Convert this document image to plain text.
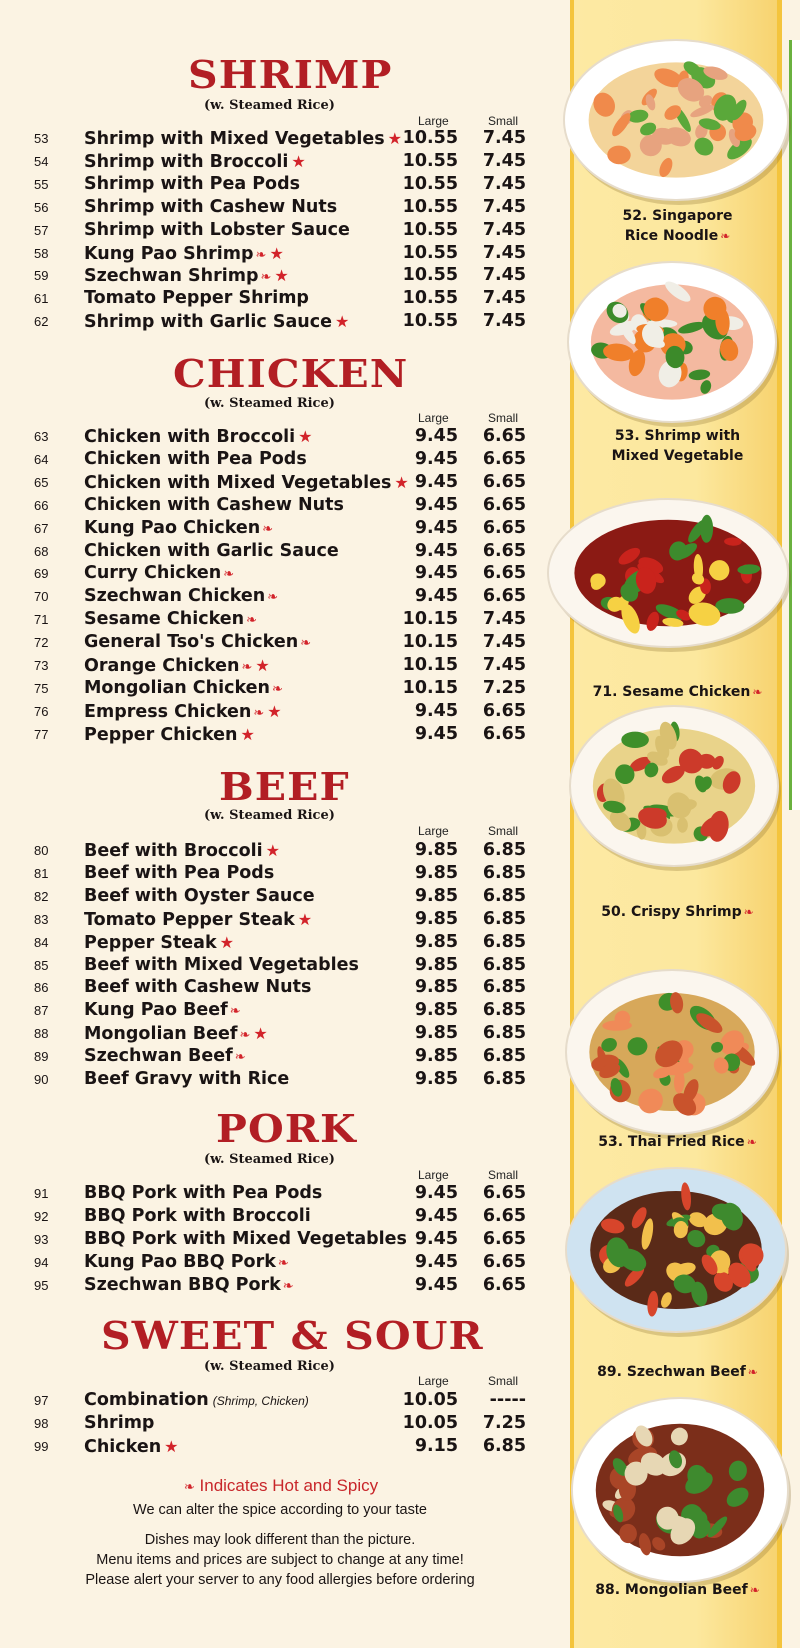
SHRIMP
(w. Steamed Rice)
Large	Small
53 Shrimp with Mixed Vegetables ★ 10.55 7.45
54 Shrimp with Broccoli ★	10.55 7.45
55 Shrimp with Pea Pods	10.55 7.45
56 Shrimp with Cashew Nuts	10.55 7.45
57 Shrimp with Lobster Sauce	10.55 7.45
58 Kung Pao Shrimp ❧ ★	10.55 7.45
59 Szechwan Shrimp ❧ ★	10.55 7.45
61 Tomato Pepper Shrimp	10.55 7.45
62 Shrimp with Garlic Sauce ★	10.55 7.45
CHICKEN
(w. Steamed Rice)
Large	Small
63 Chicken with Broccoli ★	9.45 6.65
64 Chicken with Pea Pods	9.45 6.65
65 Chicken with Mixed Vegetables ★ 9.45 6.65
66 Chicken with Cashew Nuts	9.45 6.65
67 Kung Pao Chicken ❧	9.45 6.65
68 Chicken with Garlic Sauce	9.45 6.65
69 Curry Chicken ❧	9.45 6.65
70 Szechwan Chicken ❧	9.45 6.65
71 Sesame Chicken ❧	10.15 7.45
72 General Tso's Chicken ❧	10.15 7.45
73 Orange Chicken ❧ ★	10.15 7.45
75 Mongolian Chicken ❧	10.15 7.25
76 Empress Chicken ❧ ★	9.45 6.65
77 Pepper Chicken ★	9.45 6.65
BEEF
(w. Steamed Rice)
Large	Small
80 Beef with Broccoli ★	9.85 6.85
81 Beef with Pea Pods	9.85 6.85
82 Beef with Oyster Sauce	9.85 6.85
83 Tomato Pepper Steak ★	9.85 6.85
84 Pepper Steak ★	9.85 6.85
85 Beef with Mixed Vegetables	9.85 6.85
86 Beef with Cashew Nuts	9.85 6.85
87 Kung Pao Beef ❧	9.85 6.85
88 Mongolian Beef ❧ ★	9.85 6.85
89 Szechwan Beef ❧	9.85 6.85
90 Beef Gravy with Rice	9.85 6.85
PORK
(w. Steamed Rice)
Large	Small
91 BBQ Pork with Pea Pods	9.45 6.65
92 BBQ Pork with Broccoli	9.45 6.65
93 BBQ Pork with Mixed Vegetables 9.45 6.65
94 Kung Pao BBQ Pork ❧	9.45 6.65
95 Szechwan BBQ Pork ❧	9.45 6.65
SWEET & SOUR
(w. Steamed Rice)
Large	Small
97 Combination (Shrimp, Chicken)	10.05 -----
98 Shrimp	10.05 7.25
99 Chicken ★	9.15 6.85
52. Singapore
Rice Noodle ❧
53. Shrimp with
Mixed Vegetable
71. Sesame Chicken ❧
50. Crispy Shrimp ❧
53. Thai Fried Rice ❧
89. Szechwan Beef ❧
88. Mongolian Beef ❧
❧ Indicates Hot and Spicy
We can alter the spice according to your taste
Dishes may look different than the picture.
Menu items and prices are subject to change at any time!
Please alert your server to any food allergies before ordering
